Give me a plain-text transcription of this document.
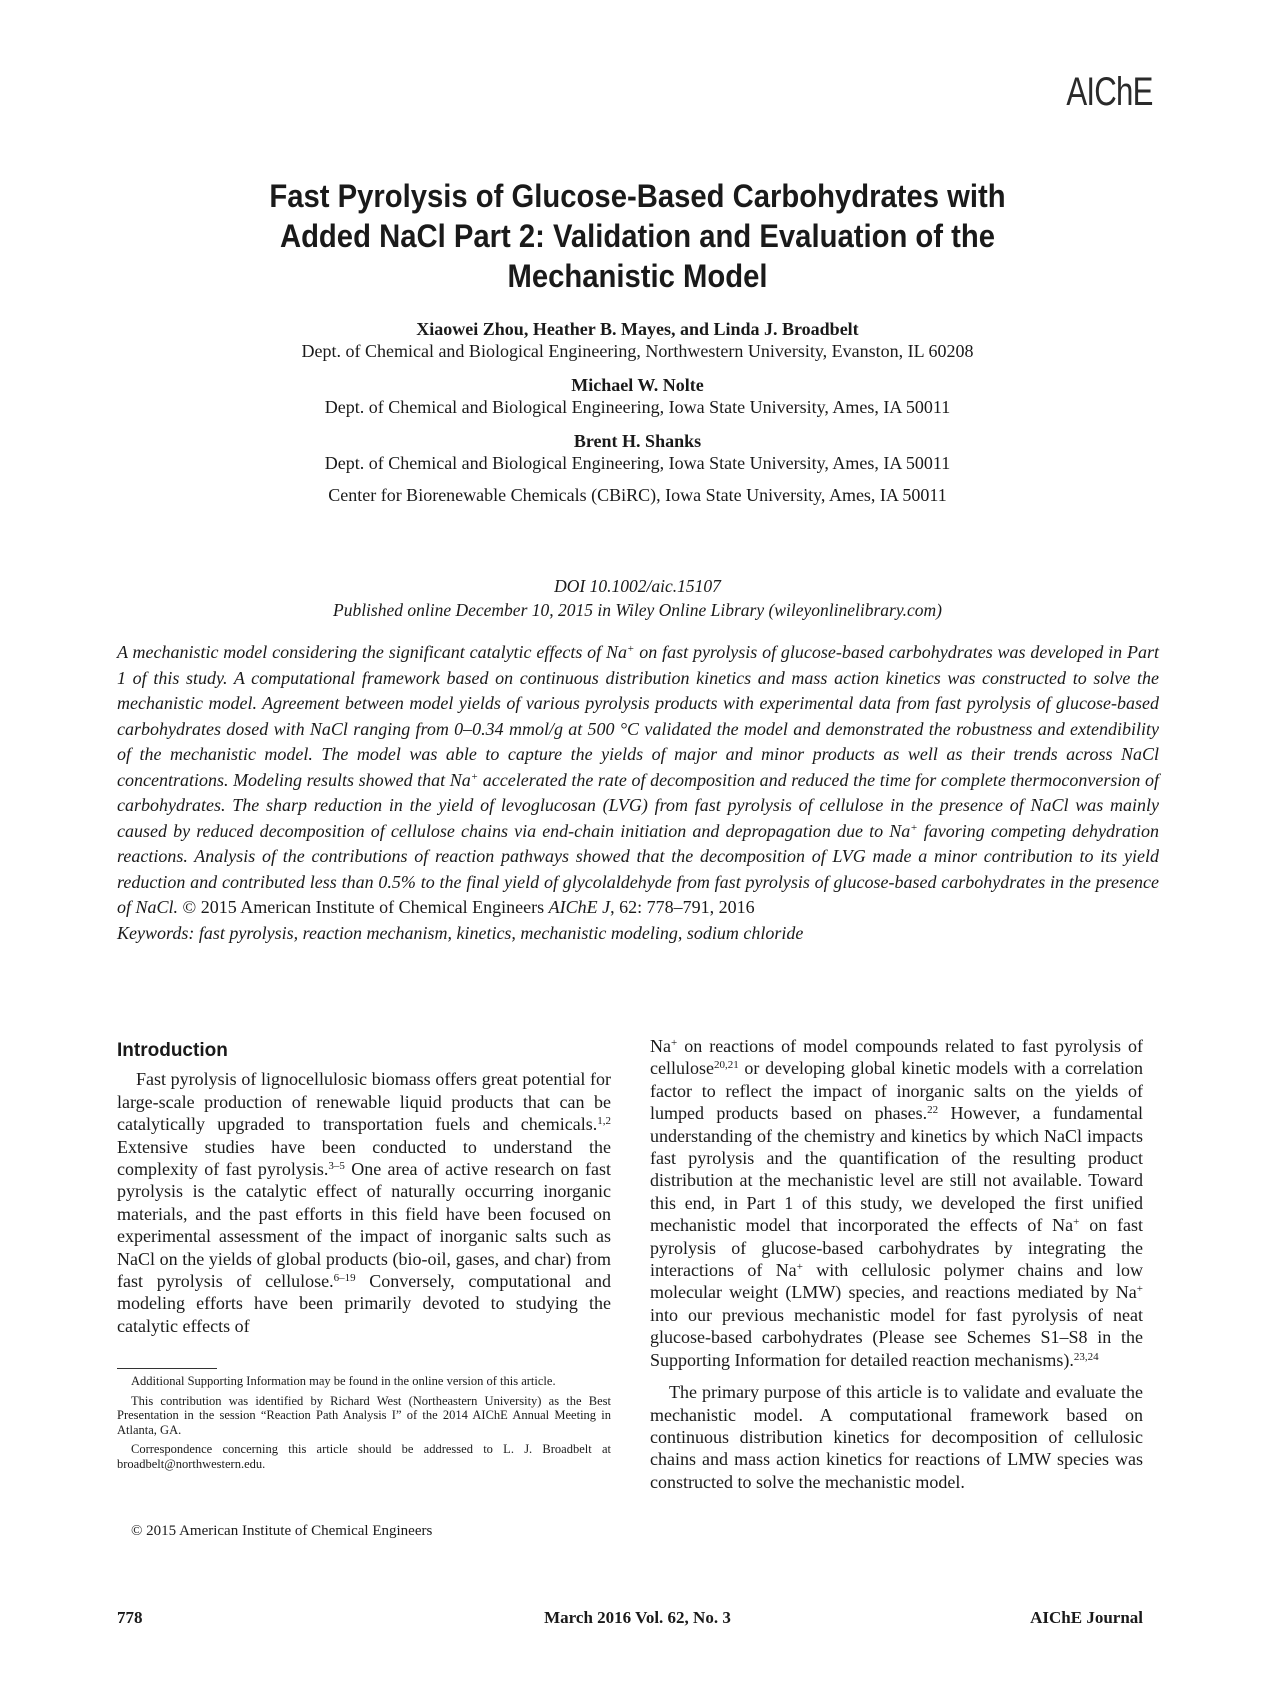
AIChE
Fast Pyrolysis of Glucose-Based Carbohydrates with
Added NaCl Part 2: Validation and Evaluation of the
Mechanistic Model
Xiaowei Zhou, Heather B. Mayes, and Linda J. Broadbelt
Dept. of Chemical and Biological Engineering, Northwestern University, Evanston, IL 60208
Michael W. Nolte
Dept. of Chemical and Biological Engineering, Iowa State University, Ames, IA 50011
Brent H. Shanks
Dept. of Chemical and Biological Engineering, Iowa State University, Ames, IA 50011
Center for Biorenewable Chemicals (CBiRC), Iowa State University, Ames, IA 50011
DOI 10.1002/aic.15107
Published online December 10, 2015 in Wiley Online Library (wileyonlinelibrary.com)
A mechanistic model considering the significant catalytic effects of Na+ on fast pyrolysis of glucose-based carbohydrates was developed in Part 1 of this study. A computational framework based on continuous distribution kinetics and mass action kinetics was constructed to solve the mechanistic model. Agreement between model yields of various pyrolysis products with experimental data from fast pyrolysis of glucose-based carbohydrates dosed with NaCl ranging from 0–0.34 mmol/g at 500 °C validated the model and demonstrated the robustness and extendibility of the mechanistic model. The model was able to capture the yields of major and minor products as well as their trends across NaCl concentrations. Modeling results showed that Na+ accelerated the rate of decomposition and reduced the time for complete thermoconversion of carbohydrates. The sharp reduction in the yield of levoglucosan (LVG) from fast pyrolysis of cellulose in the presence of NaCl was mainly caused by reduced decomposition of cellulose chains via end-chain initiation and depropagation due to Na+ favoring competing dehydration reactions. Analysis of the contributions of reaction pathways showed that the decomposition of LVG made a minor contribution to its yield reduction and contributed less than 0.5% to the final yield of glycolaldehyde from fast pyrolysis of glucose-based carbohydrates in the presence of NaCl. © 2015 American Institute of Chemical Engineers AIChE J, 62: 778–791, 2016
Keywords: fast pyrolysis, reaction mechanism, kinetics, mechanistic modeling, sodium chloride
Introduction

Fast pyrolysis of lignocellulosic biomass offers great potential for large-scale production of renewable liquid products that can be catalytically upgraded to transportation fuels and chemicals.$^{1,2}$ Extensive studies have been conducted to understand the complexity of fast pyrolysis.$^{3-5}$ One area of active research on fast pyrolysis is the catalytic effect of naturally occurring inorganic materials, and the past efforts in this field have been focused on experimental assessment of the impact of inorganic salts such as NaCl on the yields of global products (bio-oil, gases, and char) from fast pyrolysis of cellulose.$^{6-19}$ Conversely, computational and modeling efforts have been primarily devoted to studying the catalytic effects of

Additional Supporting Information may be found in the online version of this article.

This contribution was identified by Richard West (Northeastern University) as the Best Presentation in the session “Reaction Path Analysis I” of the 2014 AIChE Annual Meeting in Atlanta, GA.

Correspondence concerning this article should be addressed to L. J. Broadbelt at broadbelt@northwestern.edu.

© 2015 American Institute of Chemical Engineers

Na+ on reactions of model compounds related to fast pyrolysis of cellulose$^{20,21}$ or developing global kinetic models with a correlation factor to reflect the impact of inorganic salts on the yields of lumped products based on phases.$^{22}$ However, a fundamental understanding of the chemistry and kinetics by which NaCl impacts fast pyrolysis and the quantification of the resulting product distribution at the mechanistic level are still not available. Toward this end, in Part 1 of this study, we developed the first unified mechanistic model that incorporated the effects of Na+ on fast pyrolysis of glucose-based carbohydrates by integrating the interactions of Na+ with cellulosic polymer chains and low molecular weight (LMW) species, and reactions mediated by Na+ into our previous mechanistic model for fast pyrolysis of neat glucose-based carbohydrates (Please see Schemes S1–S8 in the Supporting Information for detailed reaction mechanisms).$^{23,24}$

The primary purpose of this article is to validate and evaluate the mechanistic model. A computational framework based on continuous distribution kinetics for decomposition of cellulosic chains and mass action kinetics for reactions of LMW species was constructed to solve the mechanistic model.

778	March 2016 Vol. 62, No. 3	AIChE Journal
